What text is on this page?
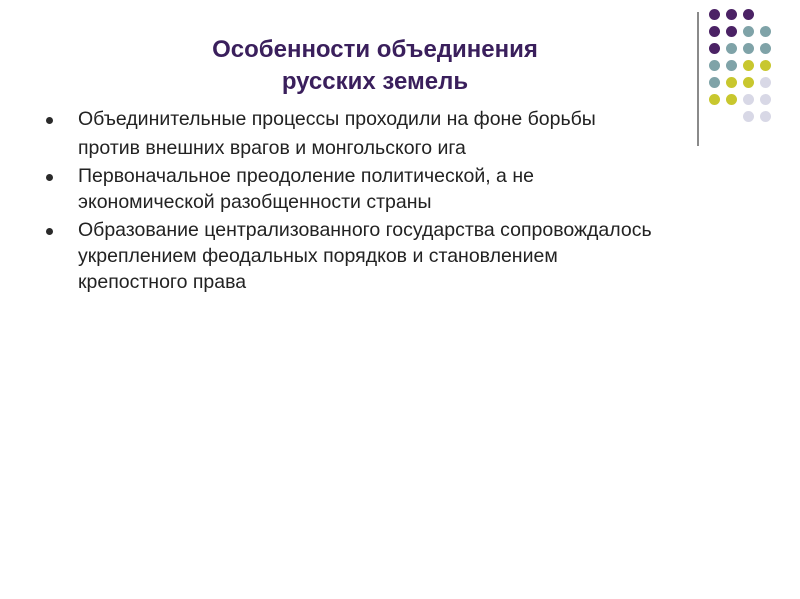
Особенности объединения
русских земель
Объединительные процессы проходили на фоне борьбы
против внешних врагов и монгольского ига
Первоначальное преодоление политической, а не
экономической разобщенности страны
Образование централизованного государства сопровождалось
укреплением феодальных порядков и становлением
крепостного права
